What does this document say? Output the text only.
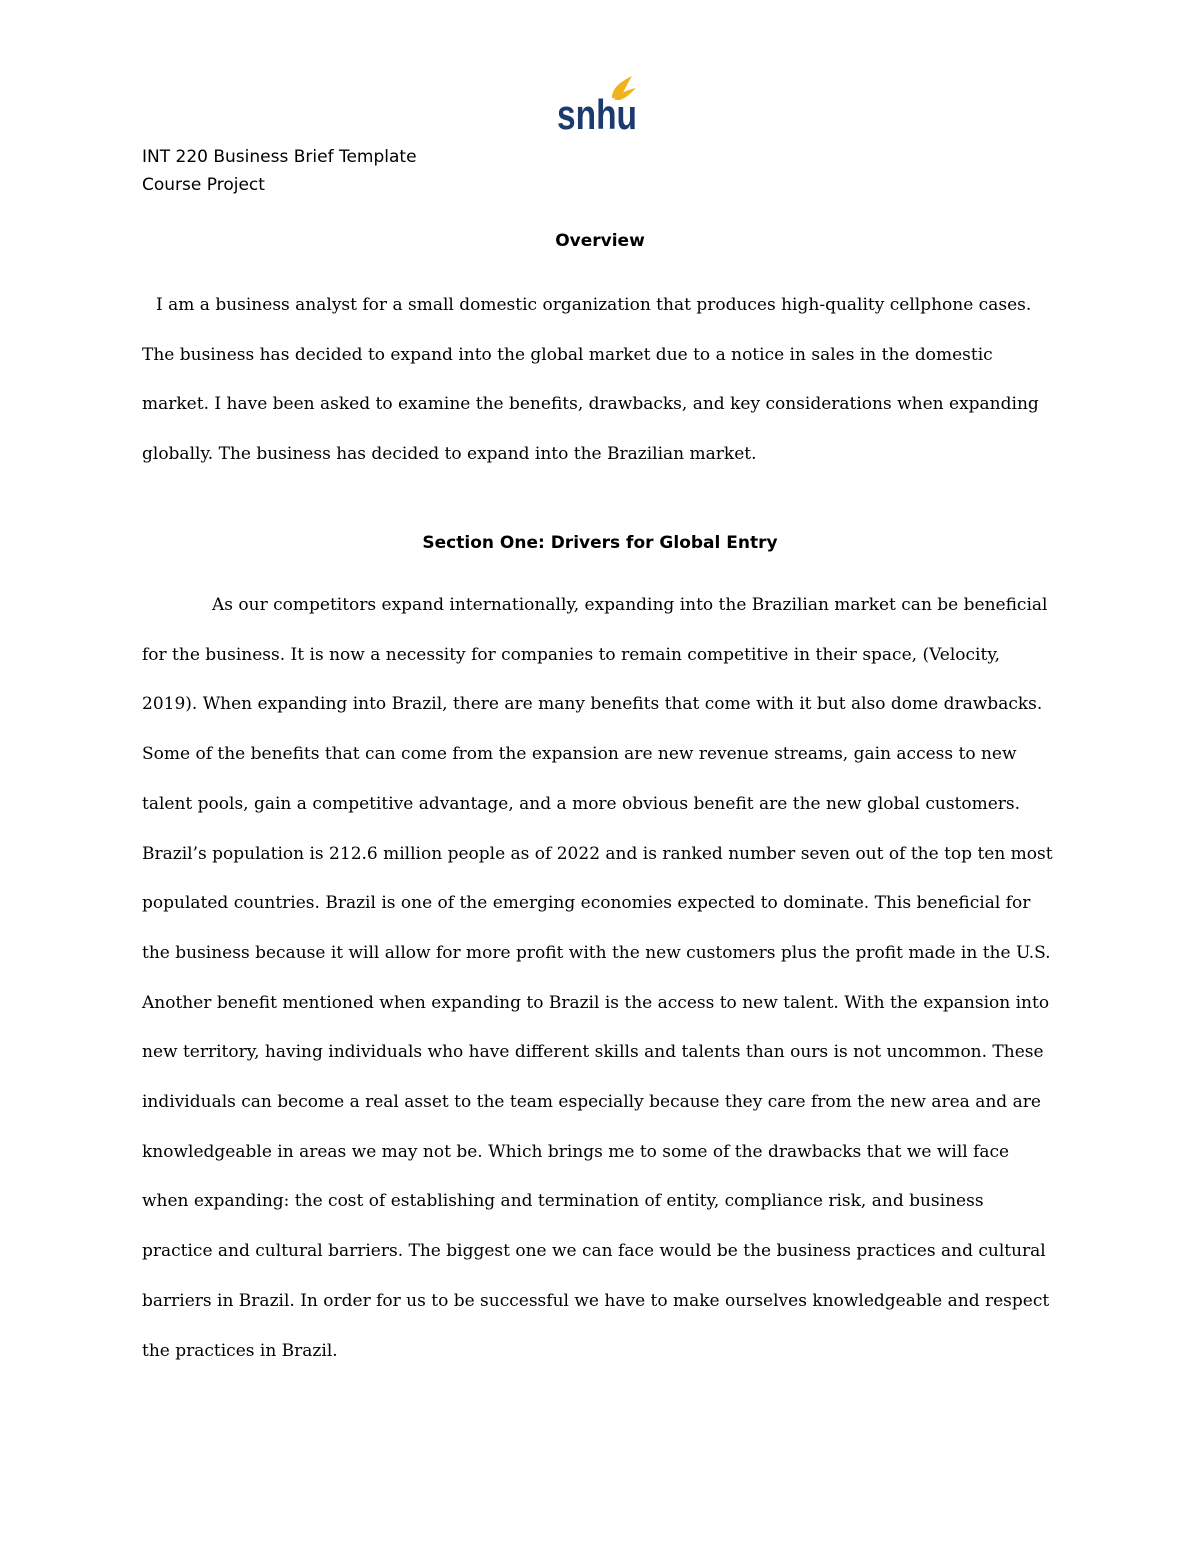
snhu
INT 220 Business Brief Template
Course Project
Overview

I am a business analyst for a small domestic organization that produces high-quality cellphone cases. The business has decided to expand into the global market due to a notice in sales in the domestic market. I have been asked to examine the benefits, drawbacks, and key considerations when expanding globally. The business has decided to expand into the Brazilian market.

Section One: Drivers for Global Entry

As our competitors expand internationally, expanding into the Brazilian market can be beneficial for the business. It is now a necessity for companies to remain competitive in their space, (Velocity, 2019). When expanding into Brazil, there are many benefits that come with it but also dome drawbacks. Some of the benefits that can come from the expansion are new revenue streams, gain access to new talent pools, gain a competitive advantage, and a more obvious benefit are the new global customers. Brazil’s population is 212.6 million people as of 2022 and is ranked number seven out of the top ten most populated countries. Brazil is one of the emerging economies expected to dominate. This beneficial for the business because it will allow for more profit with the new customers plus the profit made in the U.S. Another benefit mentioned when expanding to Brazil is the access to new talent. With the expansion into new territory, having individuals who have different skills and talents than ours is not uncommon. These individuals can become a real asset to the team especially because they care from the new area and are knowledgeable in areas we may not be. Which brings me to some of the drawbacks that we will face when expanding: the cost of establishing and termination of entity, compliance risk, and business practice and cultural barriers. The biggest one we can face would be the business practices and cultural barriers in Brazil. In order for us to be successful we have to make ourselves knowledgeable and respect the practices in Brazil.
